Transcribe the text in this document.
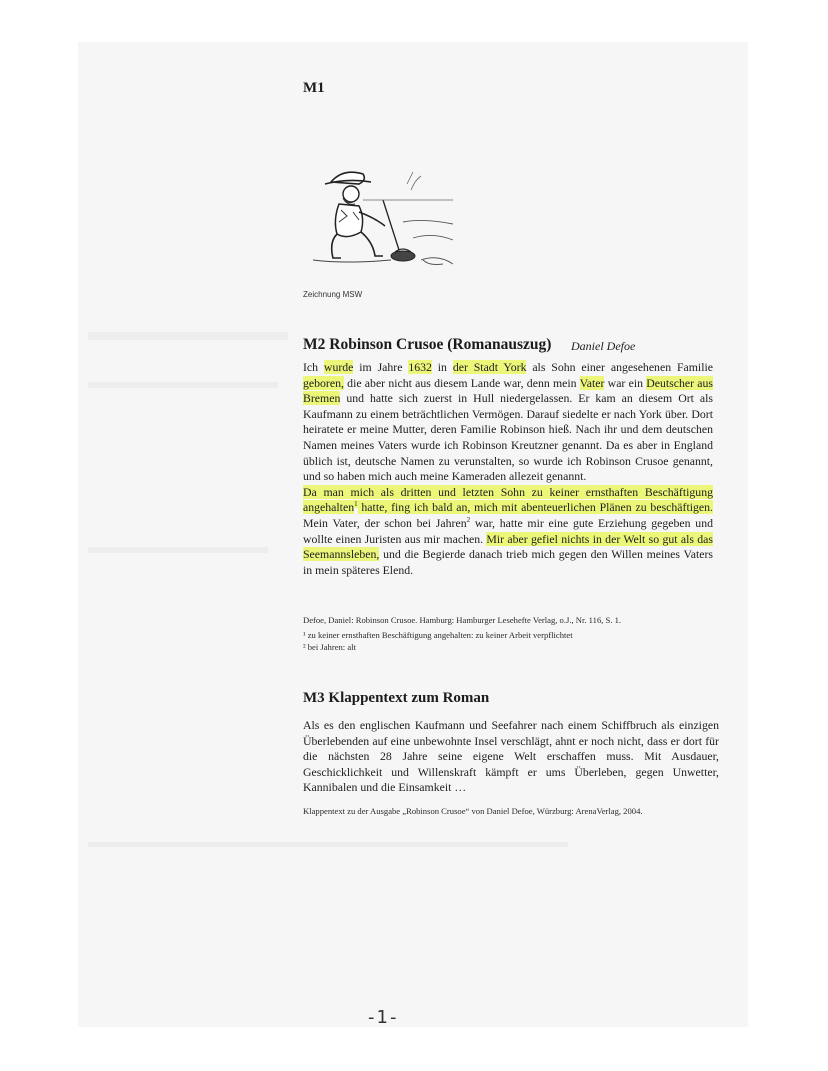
M1
Zeichnung MSW
M2 Robinson Crusoe (Romanauszug) Daniel Defoe
Ich wurde im Jahre 1632 in der Stadt York als Sohn einer angesehenen Familie geboren, die aber nicht aus diesem Lande war, denn mein Vater war ein Deutscher aus Bremen und hatte sich zuerst in Hull niedergelassen. Er kam an diesem Ort als Kaufmann zu einem beträchtlichen Vermögen. Darauf siedelte er nach York über. Dort heiratete er meine Mutter, deren Familie Robinson hieß. Nach ihr und dem deutschen Namen meines Vaters wurde ich Robinson Kreutzner genannt. Da es aber in England üblich ist, deutsche Namen zu verunstalten, so wurde ich Robinson Crusoe genannt, und so haben mich auch meine Kameraden allezeit genannt.
Da man mich als dritten und letzten Sohn zu keiner ernsthaften Beschäftigung angehalten$^1$ hatte, fing ich bald an, mich mit abenteuerlichen Plänen zu beschäftigen. Mein Vater, der schon bei Jahren$^2$ war, hatte mir eine gute Erziehung gegeben und wollte einen Juristen aus mir machen. Mir aber gefiel nichts in der Welt so gut als das Seemannsleben, und die Begierde danach trieb mich gegen den Willen meines Vaters in mein späteres Elend.
Defoe, Daniel: Robinson Crusoe. Hamburg: Hamburger Lesehefte Verlag, o.J., Nr. 116, S. 1.
¹ zu keiner ernsthaften Beschäftigung angehalten: zu keiner Arbeit verpflichtet
² bei Jahren: alt
M3 Klappentext zum Roman
Als es den englischen Kaufmann und Seefahrer nach einem Schiffbruch als einzigen Überlebenden auf eine unbewohnte Insel verschlägt, ahnt er noch nicht, dass er dort für die nächsten 28 Jahre seine eigene Welt erschaffen muss. Mit Ausdauer, Geschicklichkeit und Willenskraft kämpft er ums Überleben, gegen Unwetter, Kannibalen und die Einsamkeit …
Klappentext zu der Ausgabe „Robinson Crusoe“ von Daniel Defoe, Würzburg: ArenaVerlag, 2004.
-1-
